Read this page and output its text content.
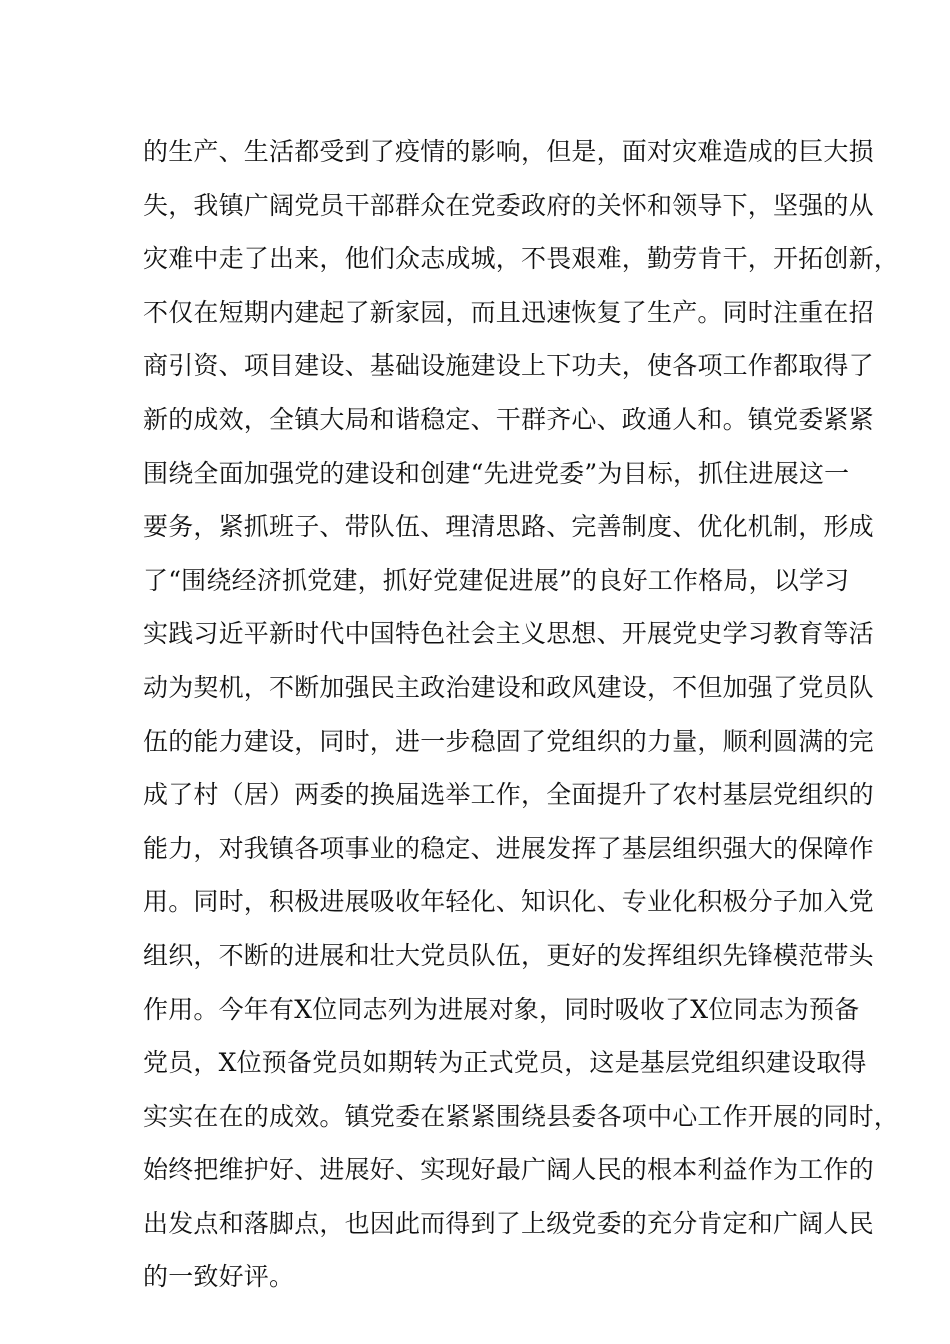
的生产、生活都受到了疫情的影响，但是，面对灾难造成的巨大损
失，我镇广阔党员干部群众在党委政府的关怀和领导下，坚强的从
灾难中走了出来，他们众志成城，不畏艰难，勤劳肯干，开拓创新，
不仅在短期内建起了新家园，而且迅速恢复了生产。同时注重在招
商引资、项目建设、基础设施建设上下功夫，使各项工作都取得了
新的成效，全镇大局和谐稳定、干群齐心、政通人和。镇党委紧紧
围绕全面加强党的建设和创建“先进党委”为目标，抓住进展这一
要务，紧抓班子、带队伍、理清思路、完善制度、优化机制，形成
了“围绕经济抓党建，抓好党建促进展”的良好工作格局，以学习
实践习近平新时代中国特色社会主义思想、开展党史学习教育等活
动为契机，不断加强民主政治建设和政风建设，不但加强了党员队
伍的能力建设，同时，进一步稳固了党组织的力量，顺利圆满的完
成了村（居）两委的换届选举工作，全面提升了农村基层党组织的
能力，对我镇各项事业的稳定、进展发挥了基层组织强大的保障作
用。同时，积极进展吸收年轻化、知识化、专业化积极分子加入党
组织，不断的进展和壮大党员队伍，更好的发挥组织先锋模范带头
作用。今年有X位同志列为进展对象，同时吸收了X位同志为预备
党员，X位预备党员如期转为正式党员，这是基层党组织建设取得
实实在在的成效。镇党委在紧紧围绕县委各项中心工作开展的同时，
始终把维护好、进展好、实现好最广阔人民的根本利益作为工作的
出发点和落脚点，也因此而得到了上级党委的充分肯定和广阔人民
的一致好评。
